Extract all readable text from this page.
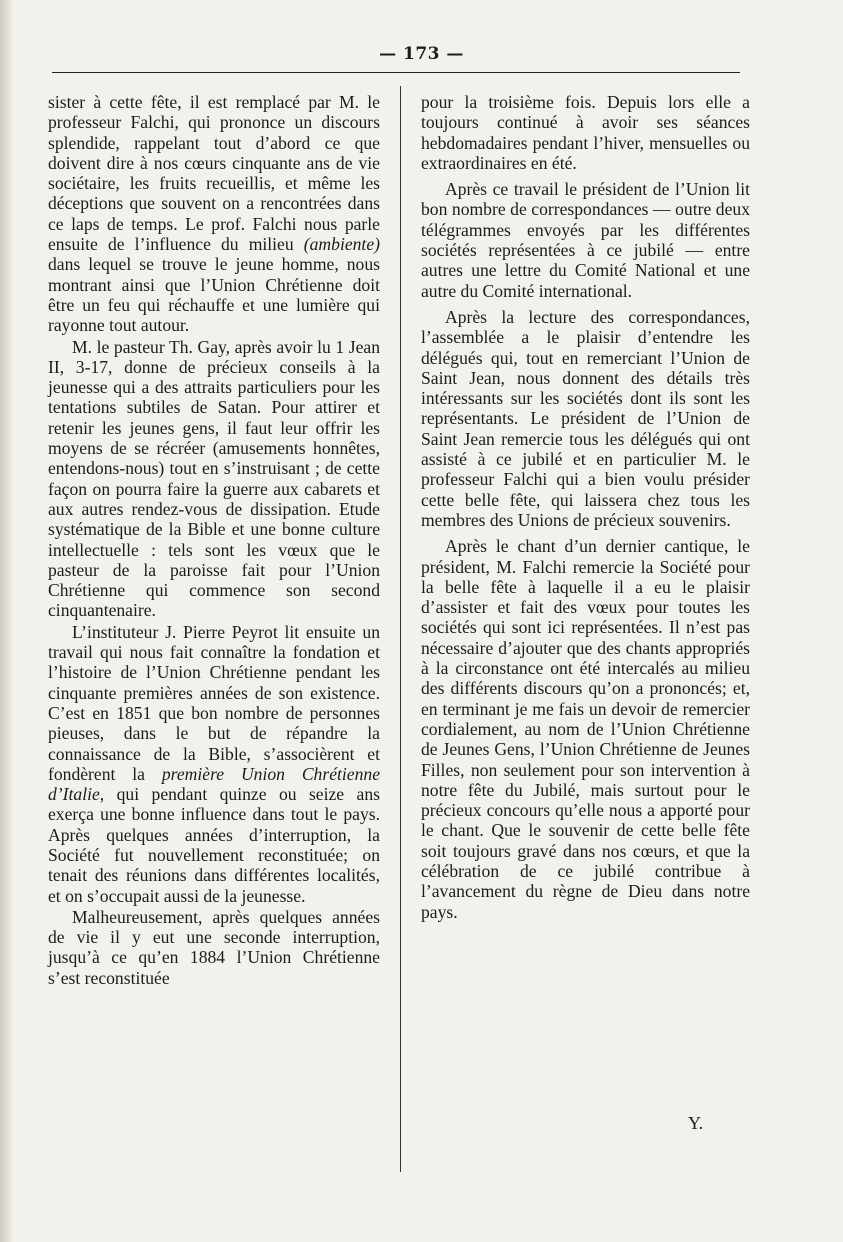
— 173 —

sister à cette fête, il est remplacé par M. le professeur Falchi, qui prononce un discours splendide, rappelant tout d’abord ce que doivent dire à nos cœurs cinquante ans de vie sociétaire, les fruits recueillis, et même les déceptions que souvent on a rencontrées dans ce laps de temps. Le prof. Falchi nous parle ensuite de l’influence du milieu (ambiente) dans lequel se trouve le jeune homme, nous montrant ainsi que l’Union Chrétienne doit être un feu qui réchauffe et une lumière qui rayonne tout autour.

M. le pasteur Th. Gay, après avoir lu 1 Jean II, 3-17, donne de précieux conseils à la jeunesse qui a des attraits particuliers pour les tentations subtiles de Satan. Pour attirer et retenir les jeunes gens, il faut leur offrir les moyens de se récréer (amusements honnêtes, entendons-nous) tout en s’instruisant ; de cette façon on pourra faire la guerre aux cabarets et aux autres rendez-vous de dissipation. Etude systématique de la Bible et une bonne culture intellectuelle : tels sont les vœux que le pasteur de la paroisse fait pour l’Union Chrétienne qui commence son second cinquantenaire.

L’instituteur J. Pierre Peyrot lit ensuite un travail qui nous fait connaître la fondation et l’histoire de l’Union Chrétienne pendant les cinquante premières années de son existence. C’est en 1851 que bon nombre de personnes pieuses, dans le but de répandre la connaissance de la Bible, s’associèrent et fondèrent la première Union Chrétienne d’Italie, qui pendant quinze ou seize ans exerça une bonne influence dans tout le pays. Après quelques années d’interruption, la Société fut nouvellement reconstituée; on tenait des réunions dans différentes localités, et on s’occupait aussi de la jeunesse.

Malheureusement, après quelques années de vie il y eut une seconde interruption, jusqu’à ce qu’en 1884 l’Union Chrétienne s’est reconstituée

pour la troisième fois. Depuis lors elle a toujours continué à avoir ses séances hebdomadaires pendant l’hiver, mensuelles ou extraordinaires en été.

Après ce travail le président de l’Union lit bon nombre de correspondances — outre deux télégrammes envoyés par les différentes sociétés représentées à ce jubilé — entre autres une lettre du Comité National et une autre du Comité international.

Après la lecture des correspondances, l’assemblée a le plaisir d’entendre les délégués qui, tout en remerciant l’Union de Saint Jean, nous donnent des détails très intéressants sur les sociétés dont ils sont les représentants. Le président de l’Union de Saint Jean remercie tous les délégués qui ont assisté à ce jubilé et en particulier M. le professeur Falchi qui a bien voulu présider cette belle fête, qui laissera chez tous les membres des Unions de précieux souvenirs.

Après le chant d’un dernier cantique, le président, M. Falchi remercie la Société pour la belle fête à laquelle il a eu le plaisir d’assister et fait des vœux pour toutes les sociétés qui sont ici représentées. Il n’est pas nécessaire d’ajouter que des chants appropriés à la circonstance ont été intercalés au milieu des différents discours qu’on a prononcés; et, en terminant je me fais un devoir de remercier cordialement, au nom de l’Union Chrétienne de Jeunes Gens, l’Union Chrétienne de Jeunes Filles, non seulement pour son intervention à notre fête du Jubilé, mais surtout pour le précieux concours qu’elle nous a apporté pour le chant. Que le souvenir de cette belle fête soit toujours gravé dans nos cœurs, et que la célébration de ce jubilé contribue à l’avancement du règne de Dieu dans notre pays.

Y.
